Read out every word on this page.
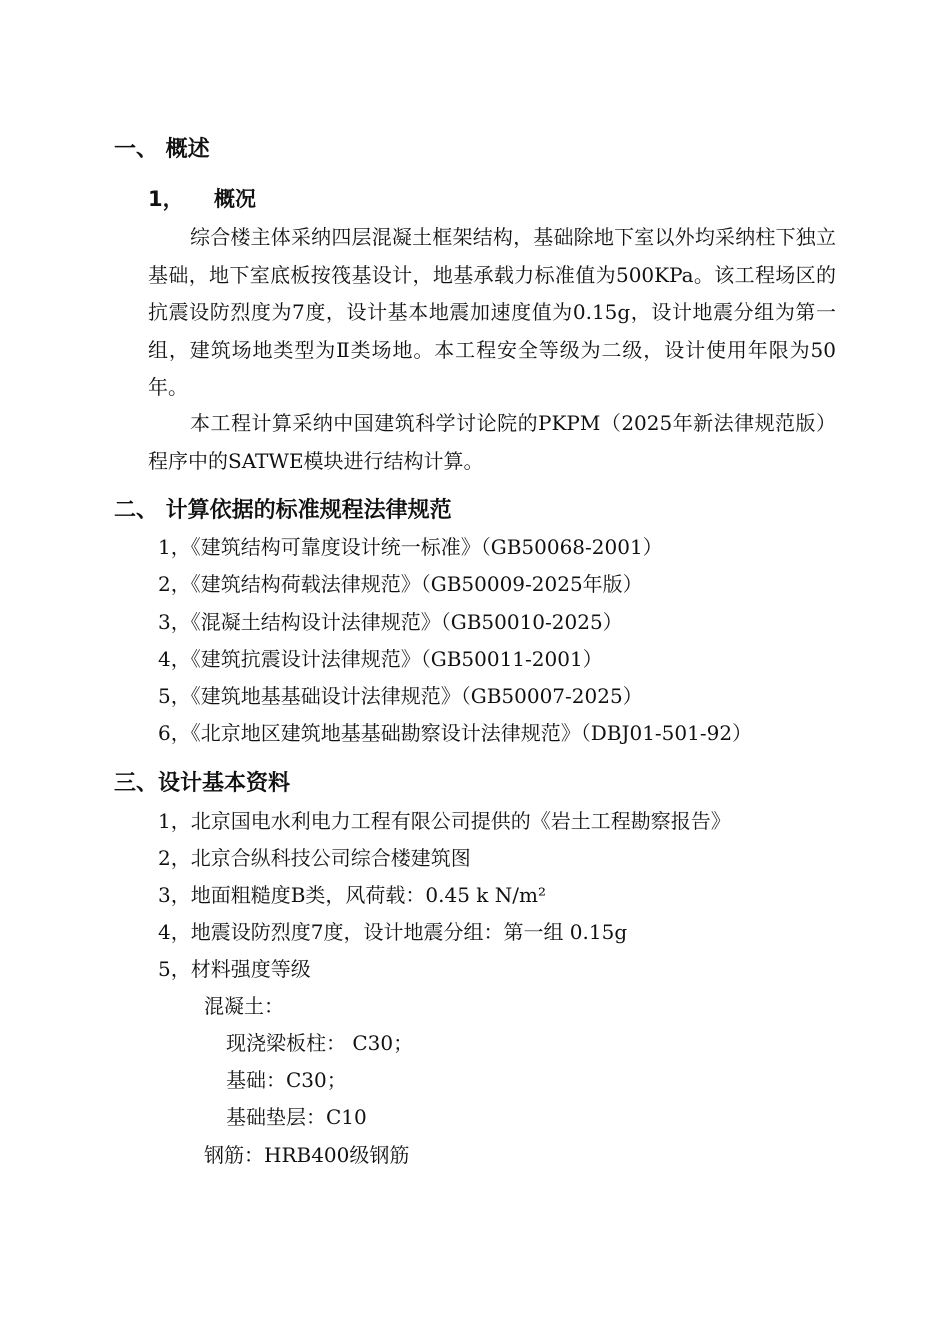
一、 概述
1， 概况

综合楼主体采纳四层混凝土框架结构，基础除地下室以外均采纳柱下独立基础，地下室底板按筏基设计，地基承载力标准值为500KPa。该工程场区的抗震设防烈度为7度，设计基本地震加速度值为0.15g，设计地震分组为第一组，建筑场地类型为Ⅱ类场地。本工程安全等级为二级，设计使用年限为50年。

本工程计算采纳中国建筑科学讨论院的PKPM（2025年新法律规范版）程序中的SATWE模块进行结构计算。

二、 计算依据的标准规程法律规范
1，《建筑结构可靠度设计统一标准》（GB50068-2001）
2，《建筑结构荷载法律规范》（GB50009-2025年版）
3，《混凝土结构设计法律规范》（GB50010-2025）
4，《建筑抗震设计法律规范》（GB50011-2001）
5，《建筑地基基础设计法律规范》（GB50007-2025）
6，《北京地区建筑地基基础勘察设计法律规范》（DBJ01-501-92）
三、设计基本资料
1，北京国电水利电力工程有限公司提供的《岩土工程勘察报告》
2，北京合纵科技公司综合楼建筑图
3，地面粗糙度B类，风荷载：0.45 k N/m²
4，地震设防烈度7度，设计地震分组：第一组 0.15g
5，材料强度等级
混凝土：
现浇梁板柱： C30；
基础：C30；
基础垫层：C10
钢筋：HRB400级钢筋
